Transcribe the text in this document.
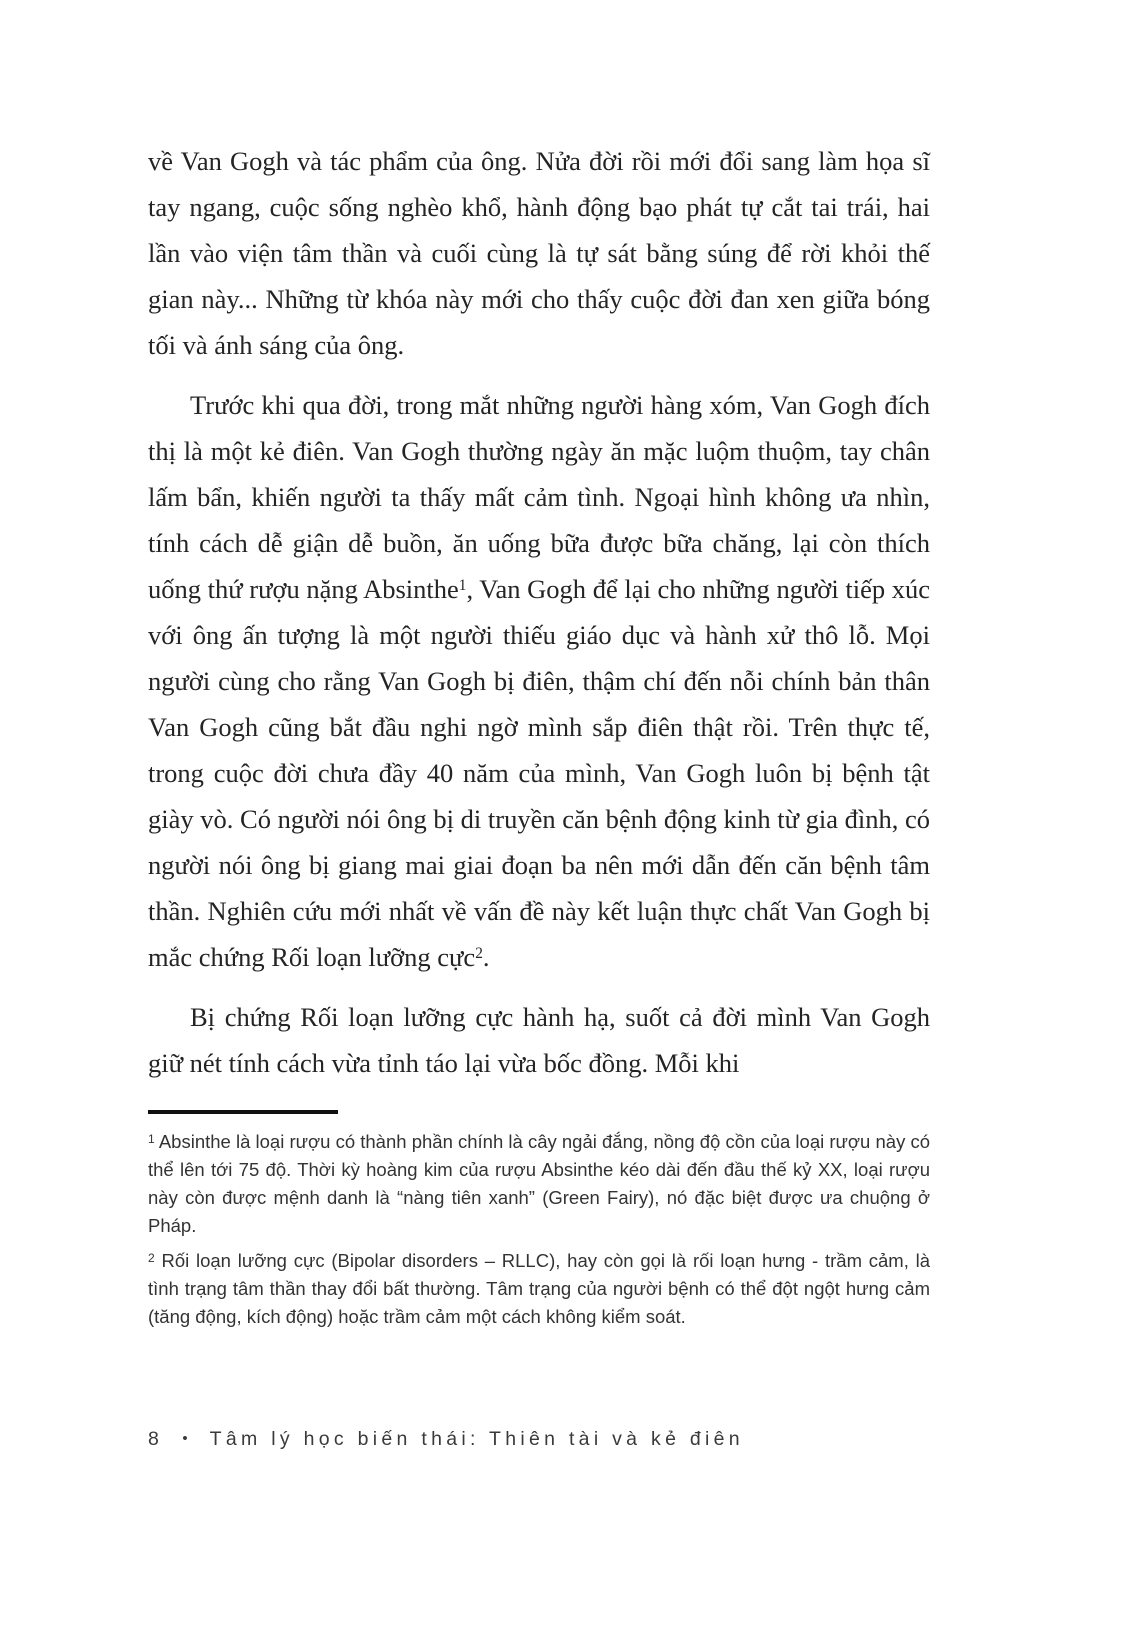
về Van Gogh và tác phẩm của ông. Nửa đời rồi mới đổi sang làm họa sĩ tay ngang, cuộc sống nghèo khổ, hành động bạo phát tự cắt tai trái, hai lần vào viện tâm thần và cuối cùng là tự sát bằng súng để rời khỏi thế gian này... Những từ khóa này mới cho thấy cuộc đời đan xen giữa bóng tối và ánh sáng của ông.

Trước khi qua đời, trong mắt những người hàng xóm, Van Gogh đích thị là một kẻ điên. Van Gogh thường ngày ăn mặc luộm thuộm, tay chân lấm bẩn, khiến người ta thấy mất cảm tình. Ngoại hình không ưa nhìn, tính cách dễ giận dễ buồn, ăn uống bữa được bữa chăng, lại còn thích uống thứ rượu nặng Absinthe$^1$, Van Gogh để lại cho những người tiếp xúc với ông ấn tượng là một người thiếu giáo dục và hành xử thô lỗ. Mọi người cùng cho rằng Van Gogh bị điên, thậm chí đến nỗi chính bản thân Van Gogh cũng bắt đầu nghi ngờ mình sắp điên thật rồi. Trên thực tế, trong cuộc đời chưa đầy 40 năm của mình, Van Gogh luôn bị bệnh tật giày vò. Có người nói ông bị di truyền căn bệnh động kinh từ gia đình, có người nói ông bị giang mai giai đoạn ba nên mới dẫn đến căn bệnh tâm thần. Nghiên cứu mới nhất về vấn đề này kết luận thực chất Van Gogh bị mắc chứng Rối loạn lưỡng cực$^2$.

Bị chứng Rối loạn lưỡng cực hành hạ, suốt cả đời mình Van Gogh giữ nét tính cách vừa tỉnh táo lại vừa bốc đồng. Mỗi khi

$^1$ Absinthe là loại rượu có thành phần chính là cây ngải đắng, nồng độ cồn của loại rượu này có thể lên tới 75 độ. Thời kỳ hoàng kim của rượu Absinthe kéo dài đến đầu thế kỷ XX, loại rượu này còn được mệnh danh là “nàng tiên xanh” (Green Fairy), nó đặc biệt được ưa chuộng ở Pháp.

$^2$ Rối loạn lưỡng cực (Bipolar disorders – RLLC), hay còn gọi là rối loạn hưng - trầm cảm, là tình trạng tâm thần thay đổi bất thường. Tâm trạng của người bệnh có thể đột ngột hưng cảm (tăng động, kích động) hoặc trầm cảm một cách không kiểm soát.

8 • Tâm lý học biến thái: Thiên tài và kẻ điên
